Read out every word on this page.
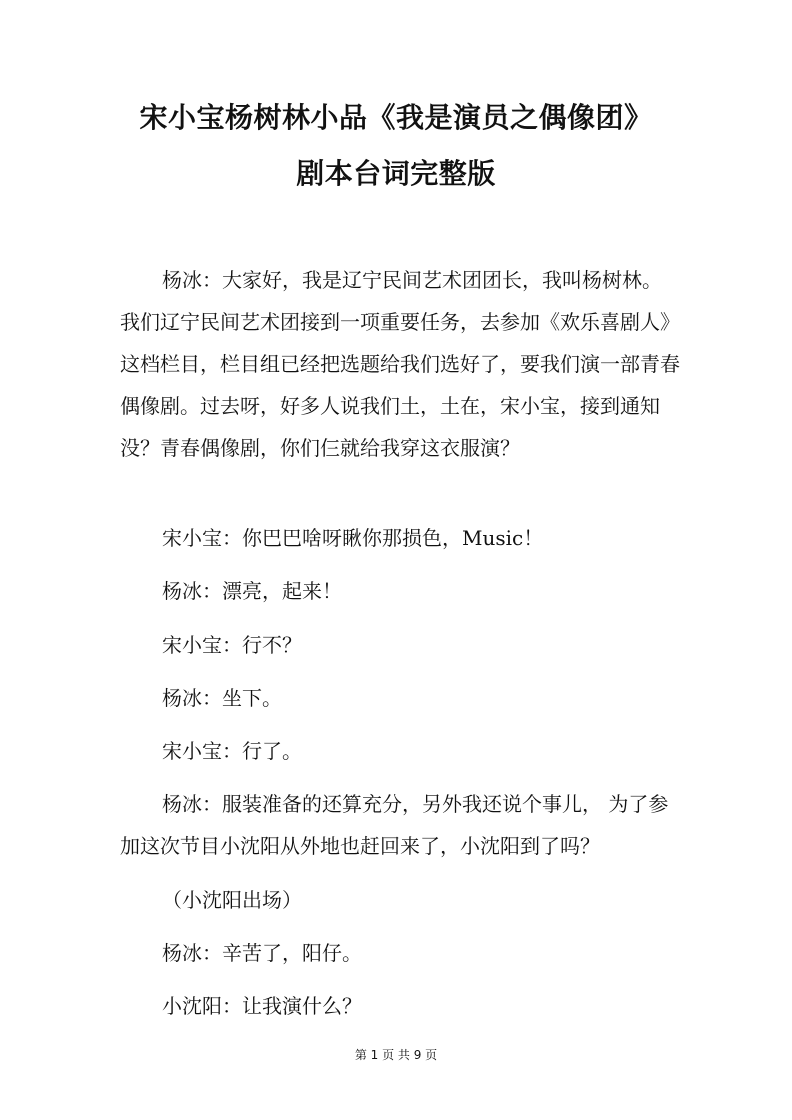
宋小宝杨树林小品《我是演员之偶像团》
剧本台词完整版

杨冰：大家好，我是辽宁民间艺术团团长，我叫杨树林。我们辽宁民间艺术团接到一项重要任务，去参加《欢乐喜剧人》 这档栏目，栏目组已经把选题给我们选好了，要我们演一部青春偶像剧。过去呀，好多人说我们土，土在，宋小宝，接到通知没？青春偶像剧，你们仨就给我穿这衣服演？

宋小宝：你巴巴啥呀瞅你那损色，Music！

杨冰：漂亮，起来！

宋小宝：行不？

杨冰：坐下。

宋小宝：行了。

杨冰：服装准备的还算充分，另外我还说个事儿， 为了参加这次节目小沈阳从外地也赶回来了，小沈阳到了吗？

（小沈阳出场）

杨冰：辛苦了，阳仔。

小沈阳：让我演什么？

第 1 页 共 9 页
